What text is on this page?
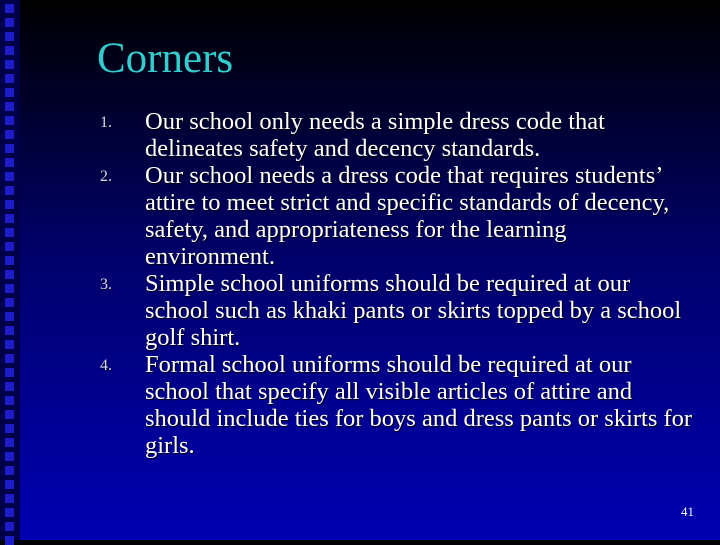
Corners
1.	Our school only needs a simple dress code that delineates safety and decency standards.
2.	Our school needs a dress code that requires students’ attire to meet strict and specific standards of decency, safety, and appropriateness for the learning environment.
3.	Simple school uniforms should be required at our school such as khaki pants or skirts topped by a school golf shirt.
4.	Formal school uniforms should be required at our school that specify all visible articles of attire and should include ties for boys and dress pants or skirts for girls.
41
